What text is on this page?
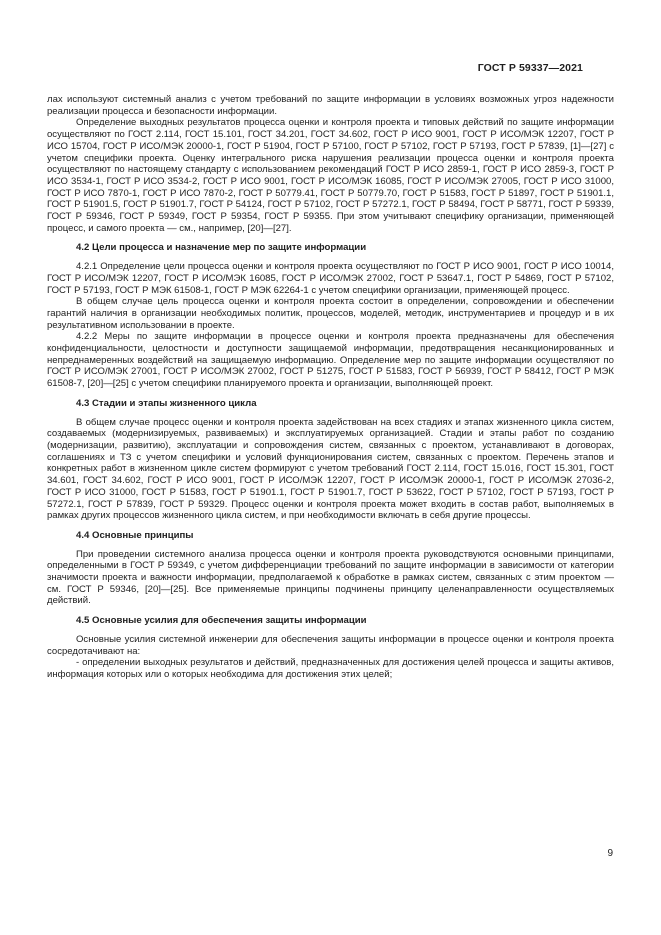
ГОСТ Р 59337—2021

лах используют системный анализ с учетом требований по защите информации в условиях возможных угроз надежности реализации процесса и безопасности информации.

Определение выходных результатов процесса оценки и контроля проекта и типовых действий по защите информации осуществляют по ГОСТ 2.114, ГОСТ 15.101, ГОСТ 34.201, ГОСТ 34.602, ГОСТ Р ИСО 9001, ГОСТ Р ИСО/МЭК 12207, ГОСТ Р ИСО 15704, ГОСТ Р ИСО/МЭК 20000-1, ГОСТ Р 51904, ГОСТ Р 57100, ГОСТ Р 57102, ГОСТ Р 57193, ГОСТ Р 57839, [1]—[27] с учетом специфики проекта. Оценку интегрального риска нарушения реализации процесса оценки и контроля проекта осуществляют по настоящему стандарту с использованием рекомендаций ГОСТ Р ИСО 2859-1, ГОСТ Р ИСО 2859-3, ГОСТ Р ИСО 3534-1, ГОСТ Р ИСО 3534-2, ГОСТ Р ИСО 9001, ГОСТ Р ИСО/МЭК 16085, ГОСТ Р ИСО/МЭК 27005, ГОСТ Р ИСО 31000, ГОСТ Р ИСО 7870-1, ГОСТ Р ИСО 7870-2, ГОСТ Р 50779.41, ГОСТ Р 50779.70, ГОСТ Р 51583, ГОСТ Р 51897, ГОСТ Р 51901.1, ГОСТ Р 51901.5, ГОСТ Р 51901.7, ГОСТ Р 54124, ГОСТ Р 57102, ГОСТ Р 57272.1, ГОСТ Р 58494, ГОСТ Р 58771, ГОСТ Р 59339, ГОСТ Р 59346, ГОСТ Р 59349, ГОСТ Р 59354, ГОСТ Р 59355. При этом учитывают специфику организации, применяющей процесс, и самого проекта — см., например, [20]—[27].

4.2 Цели процесса и назначение мер по защите информации

4.2.1 Определение цели процесса оценки и контроля проекта осуществляют по ГОСТ Р ИСО 9001, ГОСТ Р ИСО 10014, ГОСТ Р ИСО/МЭК 12207, ГОСТ Р ИСО/МЭК 16085, ГОСТ Р ИСО/МЭК 27002, ГОСТ Р 53647.1, ГОСТ Р 54869, ГОСТ Р 57102, ГОСТ Р 57193, ГОСТ Р МЭК 61508-1, ГОСТ Р МЭК 62264-1 с учетом специфики организации, применяющей процесс.

В общем случае цель процесса оценки и контроля проекта состоит в определении, сопровождении и обеспечении гарантий наличия в организации необходимых политик, процессов, моделей, методик, инструментариев и процедур и в их результативном использовании в проекте.

4.2.2 Меры по защите информации в процессе оценки и контроля проекта предназначены для обеспечения конфиденциальности, целостности и доступности защищаемой информации, предотвращения несанкционированных и непреднамеренных воздействий на защищаемую информацию. Определение мер по защите информации осуществляют по ГОСТ Р ИСО/МЭК 27001, ГОСТ Р ИСО/МЭК 27002, ГОСТ Р 51275, ГОСТ Р 51583, ГОСТ Р 56939, ГОСТ Р 58412, ГОСТ Р МЭК 61508-7, [20]—[25] с учетом специфики планируемого проекта и организации, выполняющей проект.

4.3 Стадии и этапы жизненного цикла

В общем случае процесс оценки и контроля проекта задействован на всех стадиях и этапах жизненного цикла систем, создаваемых (модернизируемых, развиваемых) и эксплуатируемых организацией. Стадии и этапы работ по созданию (модернизации, развитию), эксплуатации и сопровождения систем, связанных с проектом, устанавливают в договорах, соглашениях и ТЗ с учетом специфики и условий функционирования систем, связанных с проектом. Перечень этапов и конкретных работ в жизненном цикле систем формируют с учетом требований ГОСТ 2.114, ГОСТ 15.016, ГОСТ 15.301, ГОСТ 34.601, ГОСТ 34.602, ГОСТ Р ИСО 9001, ГОСТ Р ИСО/МЭК 12207, ГОСТ Р ИСО/МЭК 20000-1, ГОСТ Р ИСО/МЭК 27036-2, ГОСТ Р ИСО 31000, ГОСТ Р 51583, ГОСТ Р 51901.1, ГОСТ Р 51901.7, ГОСТ Р 53622, ГОСТ Р 57102, ГОСТ Р 57193, ГОСТ Р 57272.1, ГОСТ Р 57839, ГОСТ Р 59329. Процесс оценки и контроля проекта может входить в состав работ, выполняемых в рамках других процессов жизненного цикла систем, и при необходимости включать в себя другие процессы.

4.4 Основные принципы

При проведении системного анализа процесса оценки и контроля проекта руководствуются основными принципами, определенными в ГОСТ Р 59349, с учетом дифференциации требований по защите информации в зависимости от категории значимости проекта и важности информации, предполагаемой к обработке в рамках систем, связанных с этим проектом — см. ГОСТ Р 59346, [20]—[25]. Все применяемые принципы подчинены принципу целенаправленности осуществляемых действий.

4.5 Основные усилия для обеспечения защиты информации

Основные усилия системной инженерии для обеспечения защиты информации в процессе оценки и контроля проекта сосредотачивают на:

- определении выходных результатов и действий, предназначенных для достижения целей процесса и защиты активов, информация которых или о которых необходима для достижения этих целей;

9
